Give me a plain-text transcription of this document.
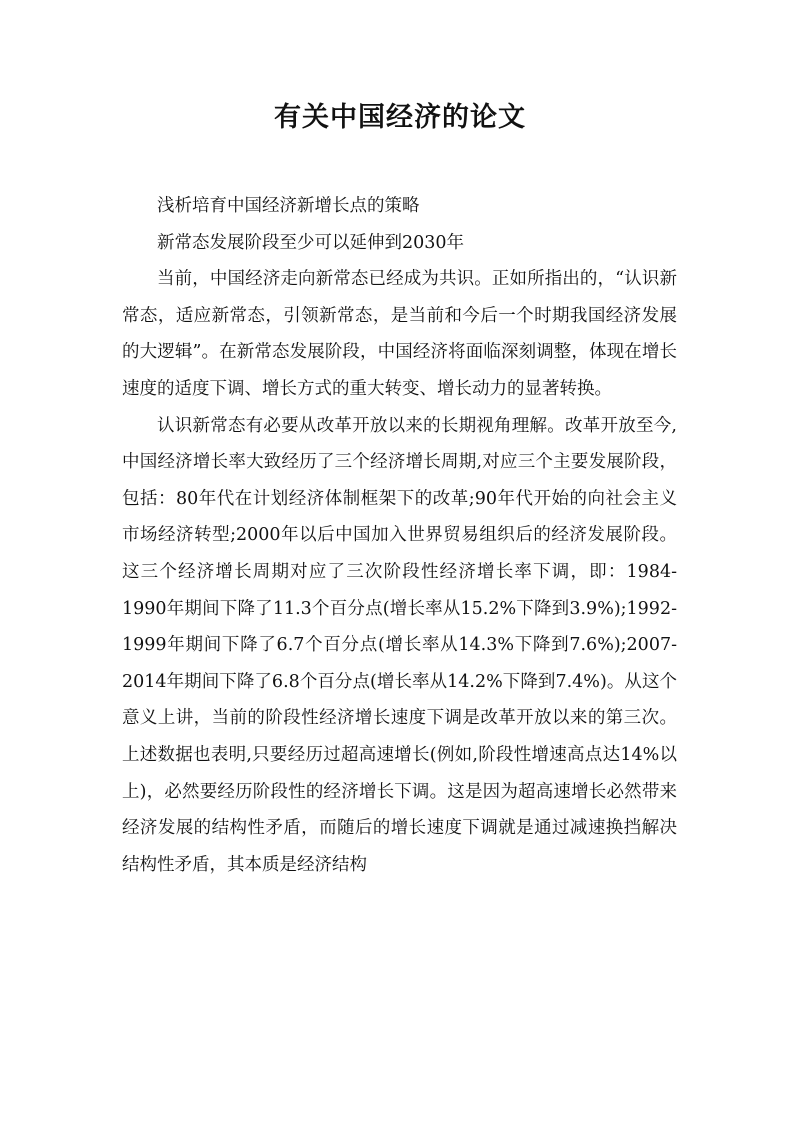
有关中国经济的论文

浅析培育中国经济新增长点的策略

新常态发展阶段至少可以延伸到2030年

当前，中国经济走向新常态已经成为共识。正如所指出的，“认识新常态，适应新常态，引领新常态，是当前和今后一个时期我国经济发展的大逻辑”。在新常态发展阶段，中国经济将面临深刻调整，体现在增长速度的适度下调、增长方式的重大转变、增长动力的显著转换。

认识新常态有必要从改革开放以来的长期视角理解。改革开放至今,中国经济增长率大致经历了三个经济增长周期,对应三个主要发展阶段，包括：80年代在计划经济体制框架下的改革;90年代开始的向社会主义市场经济转型;2000年以后中国加入世界贸易组织后的经济发展阶段。这三个经济增长周期对应了三次阶段性经济增长率下调，即：1984-1990年期间下降了11.3个百分点(增长率从15.2%下降到3.9%);1992-1999年期间下降了6.7个百分点(增长率从14.3%下降到7.6%);2007-2014年期间下降了6.8个百分点(增长率从14.2%下降到7.4%)。从这个意义上讲，当前的阶段性经济增长速度下调是改革开放以来的第三次。上述数据也表明,只要经历过超高速增长(例如,阶段性增速高点达14%以上)，必然要经历阶段性的经济增长下调。这是因为超高速增长必然带来经济发展的结构性矛盾，而随后的增长速度下调就是通过减速换挡解决结构性矛盾，其本质是经济结构
